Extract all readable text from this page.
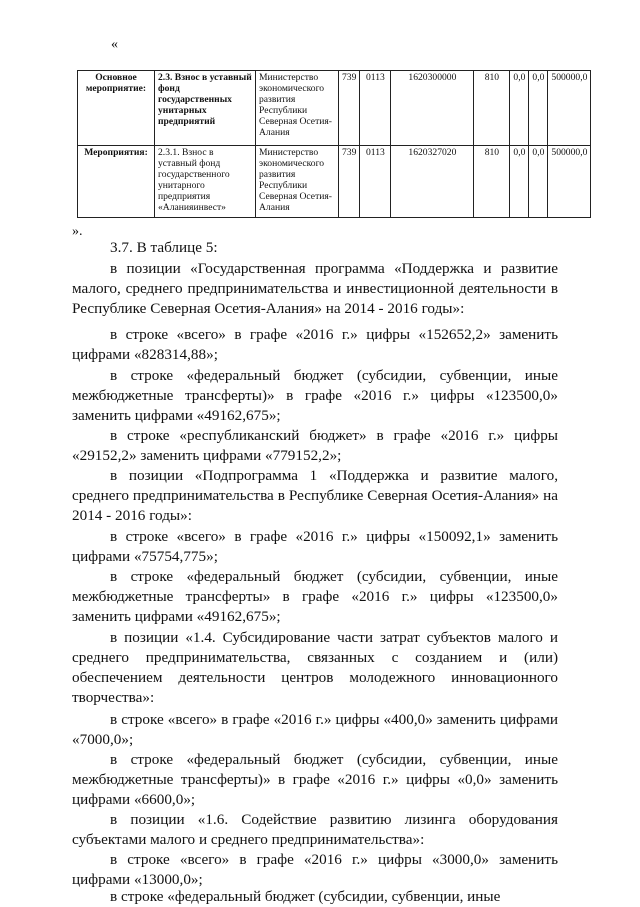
«
Основное мероприятие:	2.3. Взнос в уставный фонд государственных унитарных предприятий	Министерство экономического развития Республики Северная Осетия-Алания	739	0113	1620300000	810	0,0	0,0	500000,0
Мероприятия:	2.3.1. Взнос в уставный фонд государственного унитарного предприятия «Аланияинвест»	Министерство экономического развития Республики Северная Осетия-Алания	739	0113	1620327020	810	0,0	0,0	500000,0
».

3.7. В таблице 5:

в позиции «Государственная программа «Поддержка и развитие малого, среднего предпринимательства и инвестиционной деятельности в Республике Северная Осетия-Алания» на 2014 - 2016 годы»:

в строке «всего» в графе «2016 г.» цифры «152652,2» заменить цифрами «828314,88»;

в строке «федеральный бюджет (субсидии, субвенции, иные межбюджетные трансферты)» в графе «2016 г.» цифры «123500,0» заменить цифрами «49162,675»;

в строке «республиканский бюджет» в графе «2016 г.» цифры «29152,2» заменить цифрами «779152,2»;

в позиции «Подпрограмма 1 «Поддержка и развитие малого, среднего предпринимательства в Республике Северная Осетия-Алания» на 2014 - 2016 годы»:

в строке «всего» в графе «2016 г.» цифры «150092,1» заменить цифрами «75754,775»;

в строке «федеральный бюджет (субсидии, субвенции, иные межбюджетные трансферты» в графе «2016 г.» цифры «123500,0» заменить цифрами «49162,675»;

в позиции «1.4. Субсидирование части затрат субъектов малого и среднего предпринимательства, связанных с созданием и (или) обеспечением деятельности центров молодежного инновационного творчества»:

в строке «всего» в графе «2016 г.» цифры «400,0» заменить цифрами «7000,0»;

в строке «федеральный бюджет (субсидии, субвенции, иные межбюджетные трансферты)» в графе «2016 г.» цифры «0,0» заменить цифрами «6600,0»;

в позиции «1.6. Содействие развитию лизинга оборудования субъектами малого и среднего предпринимательства»:

в строке «всего» в графе «2016 г.» цифры «3000,0» заменить цифрами «13000,0»;

в строке «федеральный бюджет (субсидии, субвенции, иные
